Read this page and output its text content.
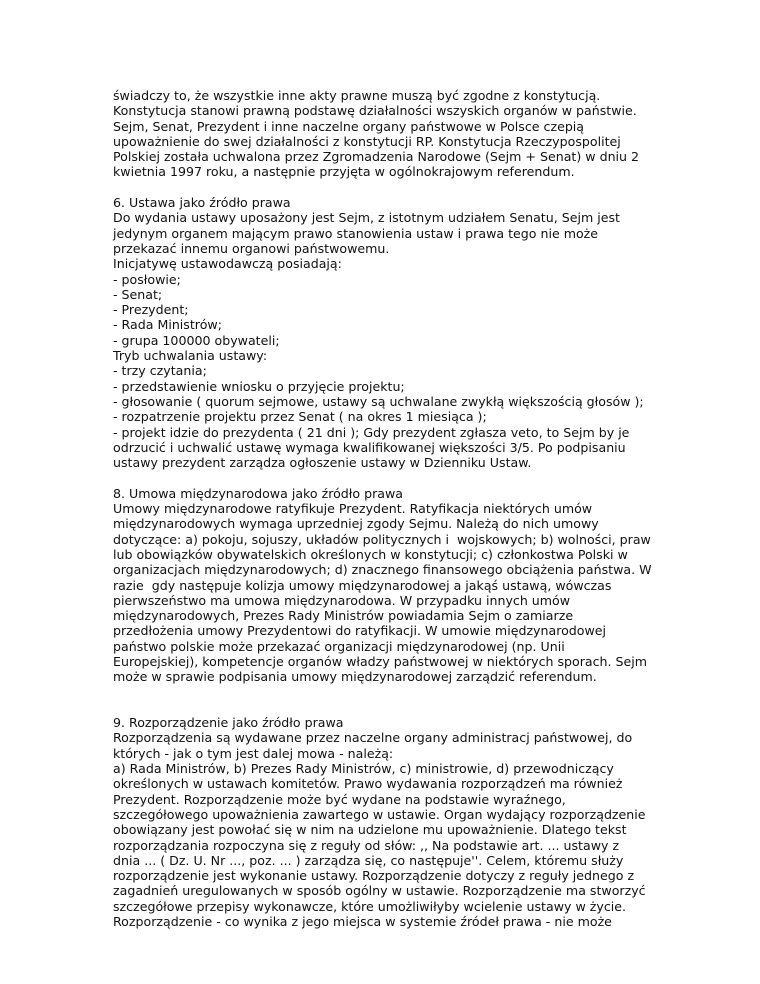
świadczy to, że wszystkie inne akty prawne muszą być zgodne z konstytucją.
Konstytucja stanowi prawną podstawę działalności wszyskich organów w państwie.
Sejm, Senat, Prezydent i inne naczelne organy państwowe w Polsce czepią
upoważnienie do swej działalności z konstytucji RP. Konstytucja Rzeczypospolitej
Polskiej została uchwalona przez Zgromadzenia Narodowe (Sejm + Senat) w dniu 2
kwietnia 1997 roku, a następnie przyjęta w ogólnokrajowym referendum.
6. Ustawa jako źródło prawa
Do wydania ustawy uposażony jest Sejm, z istotnym udziałem Senatu, Sejm jest
jedynym organem mającym prawo stanowienia ustaw i prawa tego nie może
przekazać innemu organowi państwowemu.
Inicjatywę ustawodawczą posiadają:
- posłowie;
- Senat;
- Prezydent;
- Rada Ministrów;
- grupa 100000 obywateli;
Tryb uchwalania ustawy:
- trzy czytania;
- przedstawienie wniosku o przyjęcie projektu;
- głosowanie ( quorum sejmowe, ustawy są uchwalane zwykłą większością głosów );
- rozpatrzenie projektu przez Senat ( na okres 1 miesiąca );
- projekt idzie do prezydenta ( 21 dni ); Gdy prezydent zgłasza veto, to Sejm by je
odrzucić i uchwalić ustawę wymaga kwalifikowanej większości 3/5. Po podpisaniu
ustawy prezydent zarządza ogłoszenie ustawy w Dzienniku Ustaw.
8. Umowa międzynarodowa jako źródło prawa
Umowy międzynarodowe ratyfikuje Prezydent. Ratyfikacja niektórych umów
międzynarodowych wymaga uprzedniej zgody Sejmu. Należą do nich umowy
dotyczące: a) pokoju, sojuszy, układów politycznych i  wojskowych; b) wolności, praw
lub obowiązków obywatelskich określonych w konstytucji; c) członkostwa Polski w
organizacjach międzynarodowych; d) znacznego finansowego obciążenia państwa. W
razie  gdy następuje kolizja umowy międzynarodowej a jakąś ustawą, wówczas
pierwszeństwo ma umowa międzynarodowa. W przypadku innych umów
międzynarodowych, Prezes Rady Ministrów powiadamia Sejm o zamiarze
przedłożenia umowy Prezydentowi do ratyfikacji. W umowie międzynarodowej
państwo polskie może przekazać organizacji międzynarodowej (np. Unii
Europejskiej), kompetencje organów władzy państwowej w niektórych sporach. Sejm
może w sprawie podpisania umowy międzynarodowej zarządzić referendum.
9. Rozporządzenie jako źródło prawa
Rozporządzenia są wydawane przez naczelne organy administracj państwowej, do
których - jak o tym jest dalej mowa - należą:
a) Rada Ministrów, b) Prezes Rady Ministrów, c) ministrowie, d) przewodniczący
określonych w ustawach komitetów. Prawo wydawania rozporządzeń ma również
Prezydent. Rozporządzenie może być wydane na podstawie wyraźnego,
szczegółowego upoważnienia zawartego w ustawie. Organ wydający rozporządzenie
obowiązany jest powołać się w nim na udzielone mu upoważnienie. Dlatego tekst
rozporządzania rozpoczyna się z reguły od słów: ,, Na podstawie art. ... ustawy z
dnia ... ( Dz. U. Nr ..., poz. ... ) zarządza się, co następuje''. Celem, któremu służy
rozporządzenie jest wykonanie ustawy. Rozporządzenie dotyczy z reguły jednego z
zagadnień uregulowanych w sposób ogólny w ustawie. Rozporządzenie ma stworzyć
szczegółowe przepisy wykonawcze, które umożliwiłyby wcielenie ustawy w życie.
Rozporządzenie - co wynika z jego miejsca w systemie źródeł prawa - nie może
